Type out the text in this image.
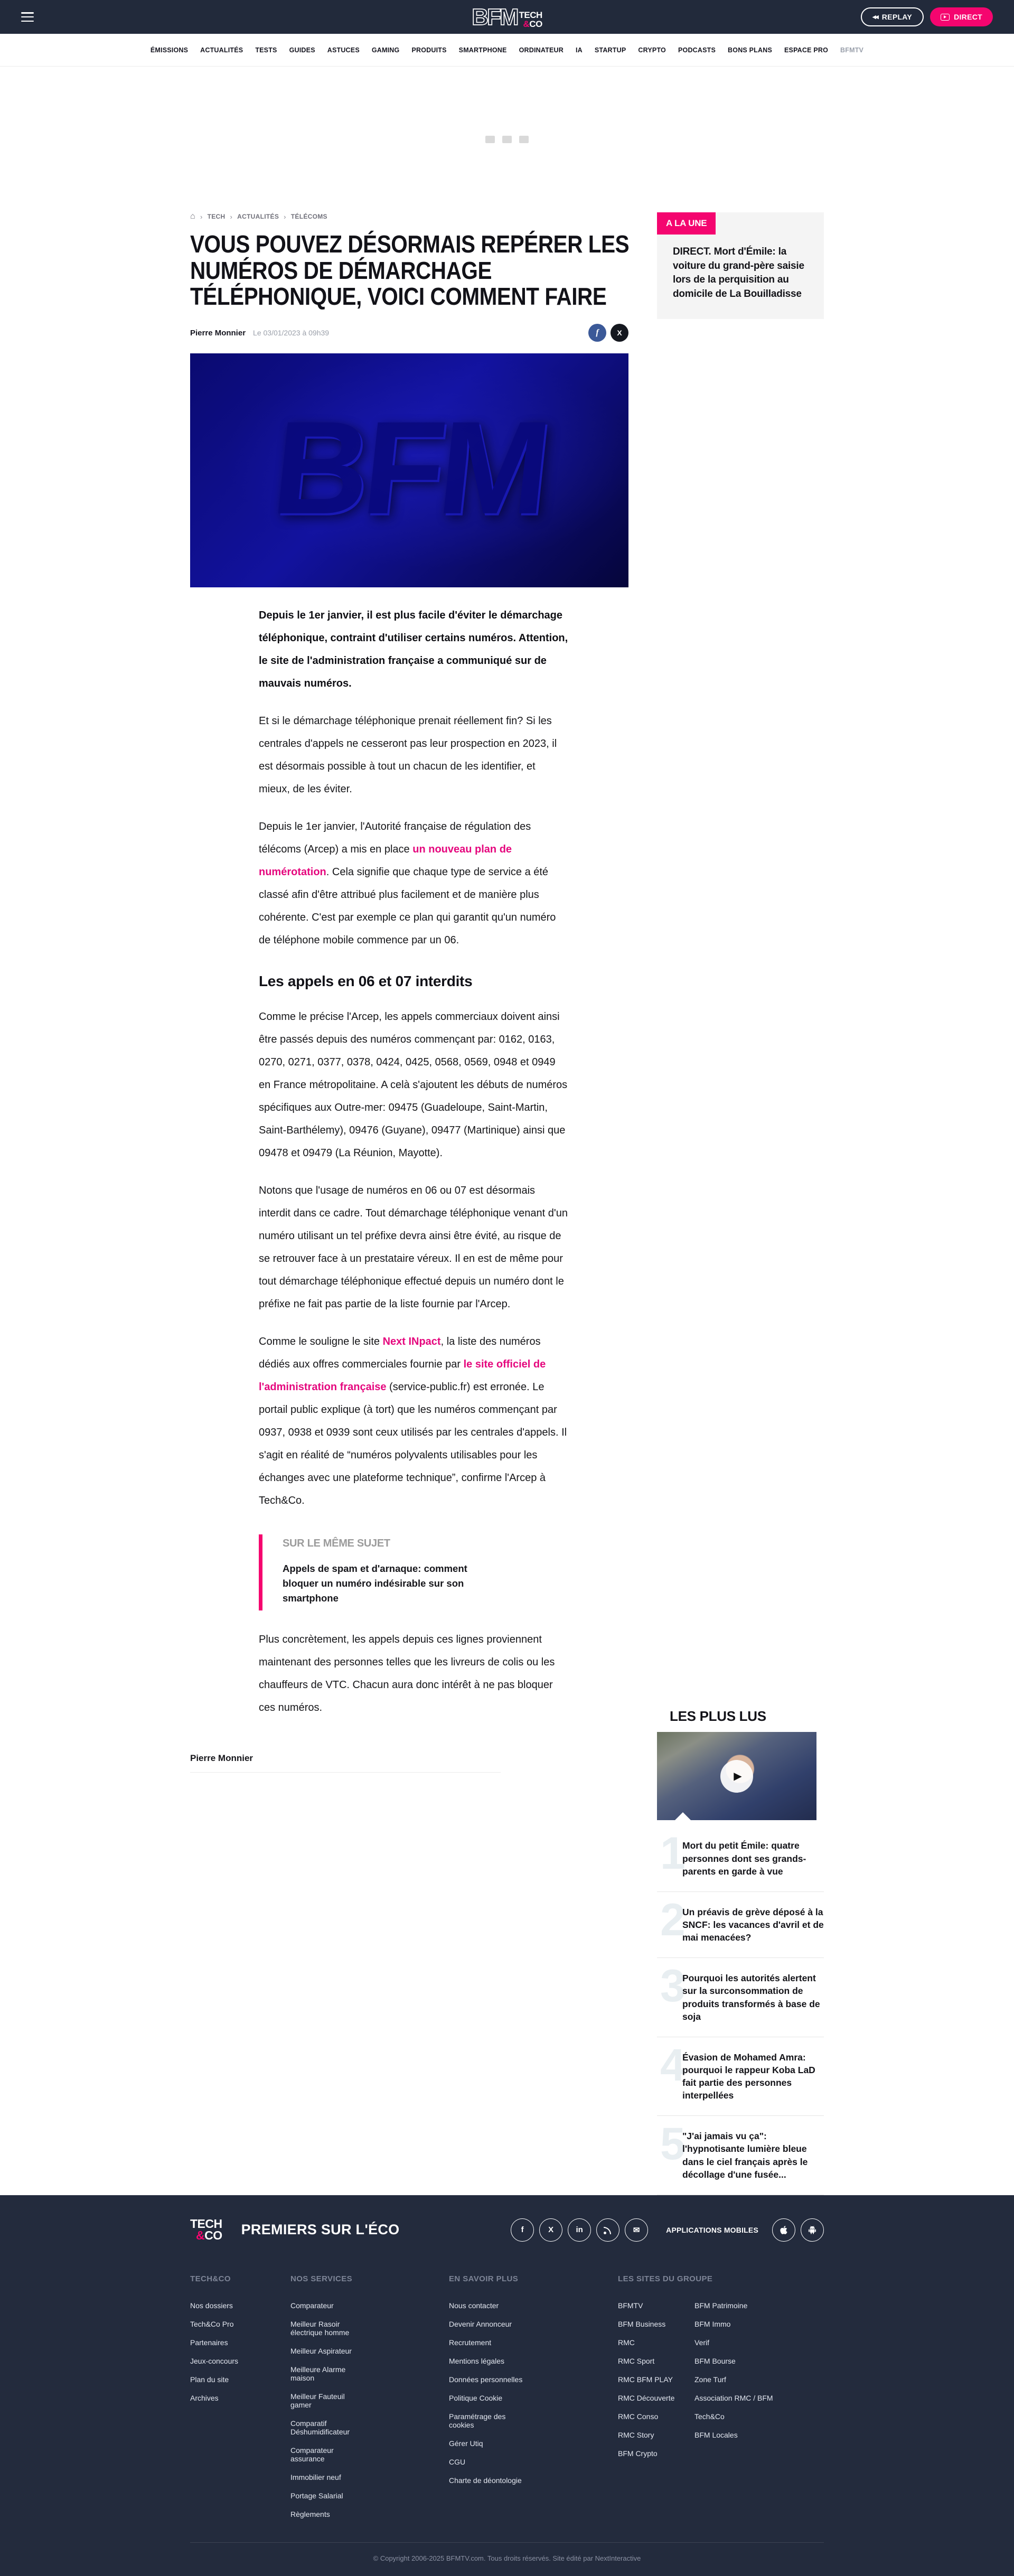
BFM TECH
&CO
◀◀ REPLAY	DIRECT
ÉMISSIONS ACTUALITÉS TESTS GUIDES ASTUCES GAMING PRODUITS SMARTPHONE ORDINATEUR IA STARTUP CRYPTO PODCASTS BONS PLANS ESPACE PRO BFMTV
⌂ › TECH › ACTUALITÉS › TÉLÉCOMS
VOUS POUVEZ DÉSORMAIS REPÉRER LES NUMÉROS DE DÉMARCHAGE TÉLÉPHONIQUE, VOICI COMMENT FAIRE
Pierre Monnier Le 03/01/2023 à 09h39	f	X
BFM

Depuis le 1er janvier, il est plus facile d'éviter le démarchage téléphonique, contraint d'utiliser certains numéros. Attention, le site de l'administration française a communiqué sur de mauvais numéros.

Et si le démarchage téléphonique prenait réellement fin? Si les centrales d'appels ne cesseront pas leur prospection en 2023, il est désormais possible à tout un chacun de les identifier, et mieux, de les éviter.

Depuis le 1er janvier, l'Autorité française de régulation des télécoms (Arcep) a mis en place un nouveau plan de numérotation. Cela signifie que chaque type de service a été classé afin d'être attribué plus facilement et de manière plus cohérente. C'est par exemple ce plan qui garantit qu'un numéro de téléphone mobile commence par un 06.

Les appels en 06 et 07 interdits

Comme le précise l'Arcep, les appels commerciaux doivent ainsi être passés depuis des numéros commençant par: 0162, 0163, 0270, 0271, 0377, 0378, 0424, 0425, 0568, 0569, 0948 et 0949 en France métropolitaine. A celà s'ajoutent les débuts de numéros spécifiques aux Outre-mer: 09475 (Guadeloupe, Saint-Martin, Saint-Barthélemy), 09476 (Guyane), 09477 (Martinique) ainsi que 09478 et 09479 (La Réunion, Mayotte).

Notons que l'usage de numéros en 06 ou 07 est désormais interdit dans ce cadre. Tout démarchage téléphonique venant d'un numéro utilisant un tel préfixe devra ainsi être évité, au risque de se retrouver face à un prestataire véreux. Il en est de même pour tout démarchage téléphonique effectué depuis un numéro dont le préfixe ne fait pas partie de la liste fournie par l'Arcep.

Comme le souligne le site Next INpact, la liste des numéros dédiés aux offres commerciales fournie par le site officiel de l'administration française (service-public.fr) est erronée. Le portail public explique (à tort) que les numéros commençant par 0937, 0938 et 0939 sont ceux utilisés par les centrales d'appels. Il s'agit en réalité de “numéros polyvalents utilisables pour les échanges avec une plateforme technique”, confirme l'Arcep à Tech&Co.

SUR LE MÊME SUJET
Appels de spam et d'arnaque: comment bloquer un numéro indésirable sur son smartphone

Plus concrètement, les appels depuis ces lignes proviennent maintenant des personnes telles que les livreurs de colis ou les chauffeurs de VTC. Chacun aura donc intérêt à ne pas bloquer ces numéros.

Pierre Monnier
A LA UNE
DIRECT. Mort d'Émile: la voiture du grand-père saisie lors de la perquisition au domicile de La Bouilladisse
LES PLUS LUS
▶
1
Mort du petit Émile: quatre personnes dont ses grands-parents en garde à vue
2
Un préavis de grève déposé à la SNCF: les vacances d'avril et de mai menacées?
3
Pourquoi les autorités alertent sur la surconsommation de produits transformés à base de soja
4
Évasion de Mohamed Amra: pourquoi le rappeur Koba LaD fait partie des personnes interpellées
5
"J'ai jamais vu ça": l'hypnotisante lumière bleue dans le ciel français après le décollage d'une fusée...
TECH
&CO PREMIERS SUR L'ÉCO	f	X	in	✉	APPLICATIONS MOBILES
TECH&CO
Nos dossiers
Tech&Co Pro
Partenaires
Jeux-concours
Plan du site
Archives
NOS SERVICES
Comparateur
Meilleur Rasoir électrique homme
Meilleur Aspirateur
Meilleure Alarme maison
Meilleur Fauteuil gamer
Comparatif Déshumidificateur
Comparateur assurance
Immobilier neuf
Portage Salarial
Règlements
EN SAVOIR PLUS
Nous contacter
Devenir Annonceur
Recrutement
Mentions légales
Données personnelles
Politique Cookie
Paramétrage des cookies
Gérer Utiq
CGU
Charte de déontologie
LES SITES DU GROUPE
BFMTV
BFM Business
RMC
RMC Sport
RMC BFM PLAY
RMC Découverte
RMC Conso
RMC Story
BFM Crypto
BFM Patrimoine
BFM Immo
Verif
BFM Bourse
Zone Turf
Association RMC / BFM
Tech&Co
BFM Locales
© Copyright 2006-2025 BFMTV.com. Tous droits réservés. Site édité par NextInteractive
